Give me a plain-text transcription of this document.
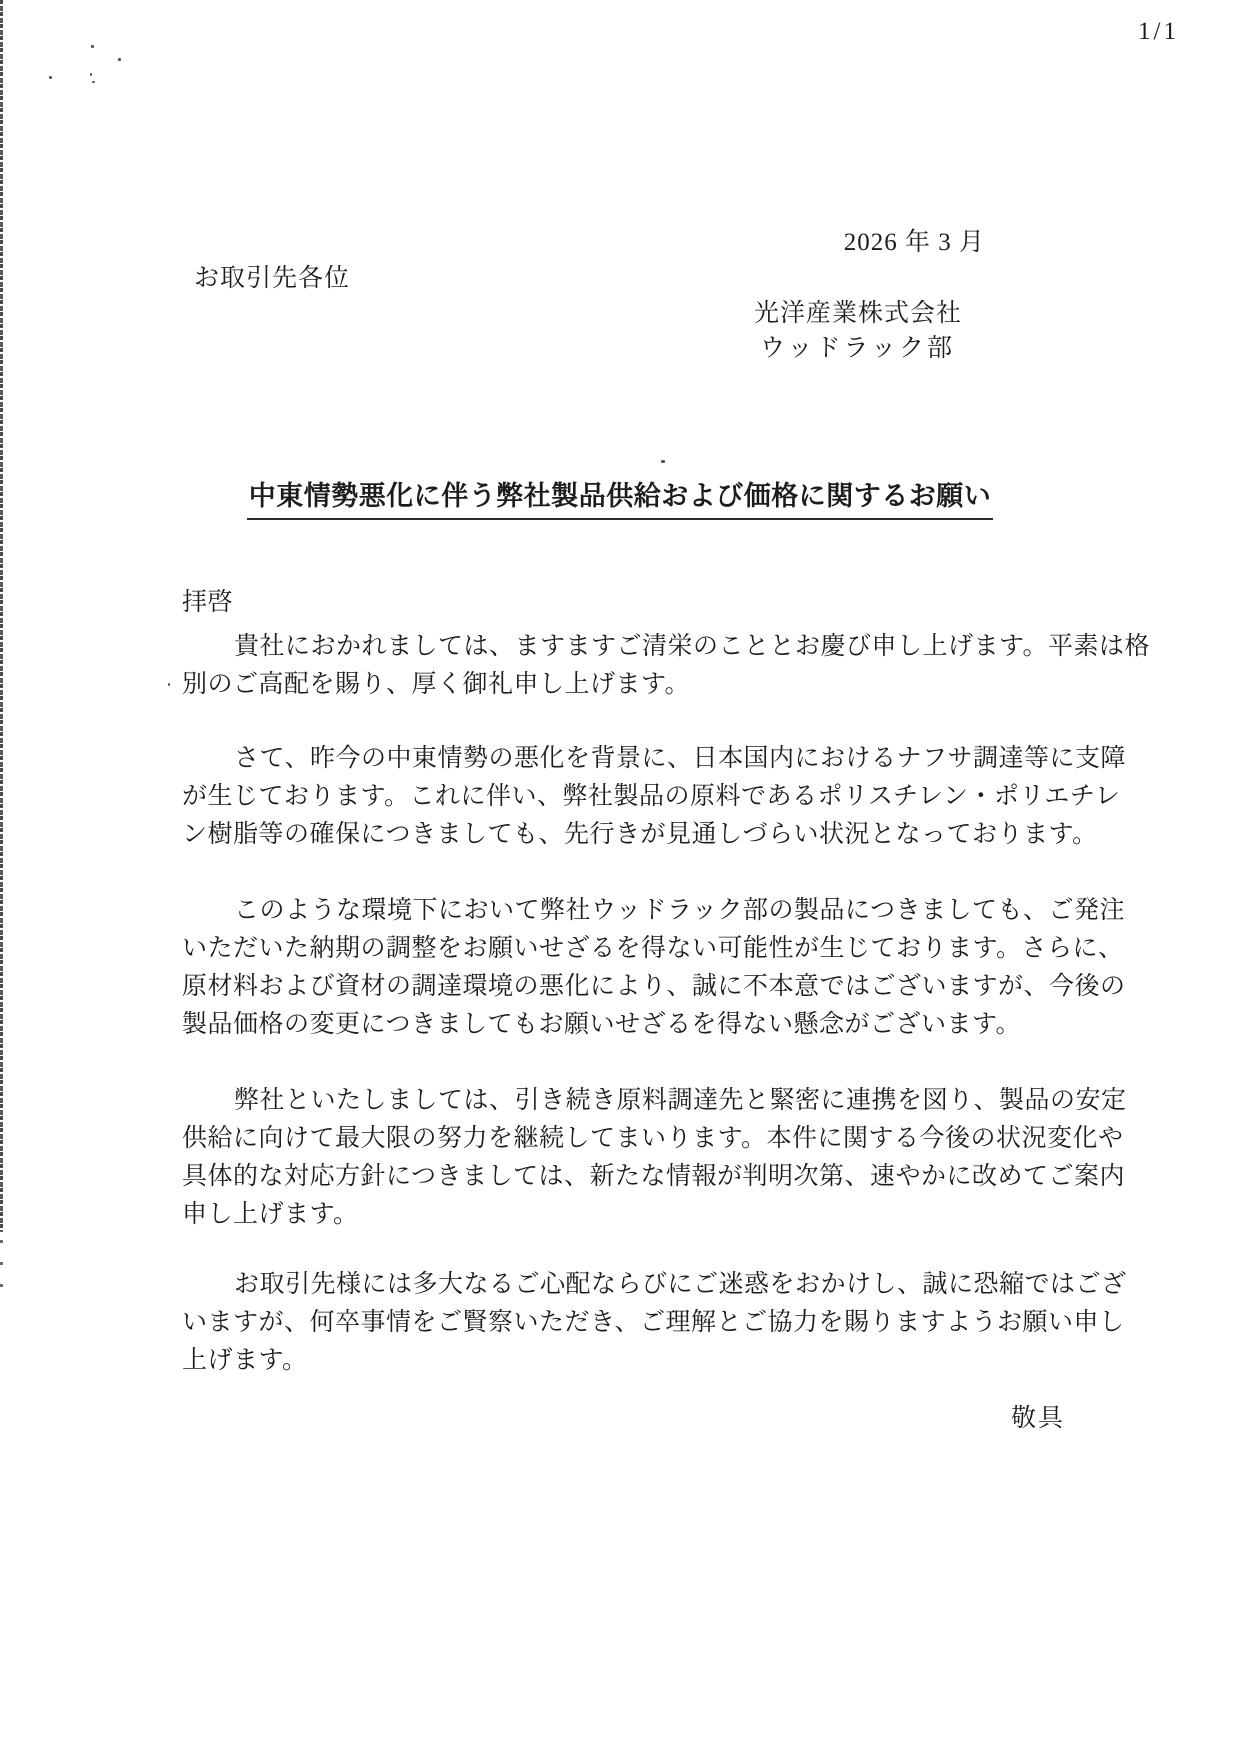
1/1
2026 年 3 月
お取引先各位
光洋産業株式会社
ウッドラック部
中東情勢悪化に伴う弊社製品供給および価格に関するお願い
拝啓
貴社におかれましては、ますますご清栄のこととお慶び申し上げます。平素は格
別のご高配を賜り、厚く御礼申し上げます。
さて、昨今の中東情勢の悪化を背景に、日本国内におけるナフサ調達等に支障
が生じております。これに伴い、弊社製品の原料であるポリスチレン・ポリエチレ
ン樹脂等の確保につきましても、先行きが見通しづらい状況となっております。
このような環境下において弊社ウッドラック部の製品につきましても、ご発注
いただいた納期の調整をお願いせざるを得ない可能性が生じております。さらに、
原材料および資材の調達環境の悪化により、誠に不本意ではございますが、今後の
製品価格の変更につきましてもお願いせざるを得ない懸念がございます。
弊社といたしましては、引き続き原料調達先と緊密に連携を図り、製品の安定
供給に向けて最大限の努力を継続してまいります。本件に関する今後の状況変化や
具体的な対応方針につきましては、新たな情報が判明次第、速やかに改めてご案内
申し上げます。
お取引先様には多大なるご心配ならびにご迷惑をおかけし、誠に恐縮ではござ
いますが、何卒事情をご賢察いただき、ご理解とご協力を賜りますようお願い申し
上げます。
敬具
